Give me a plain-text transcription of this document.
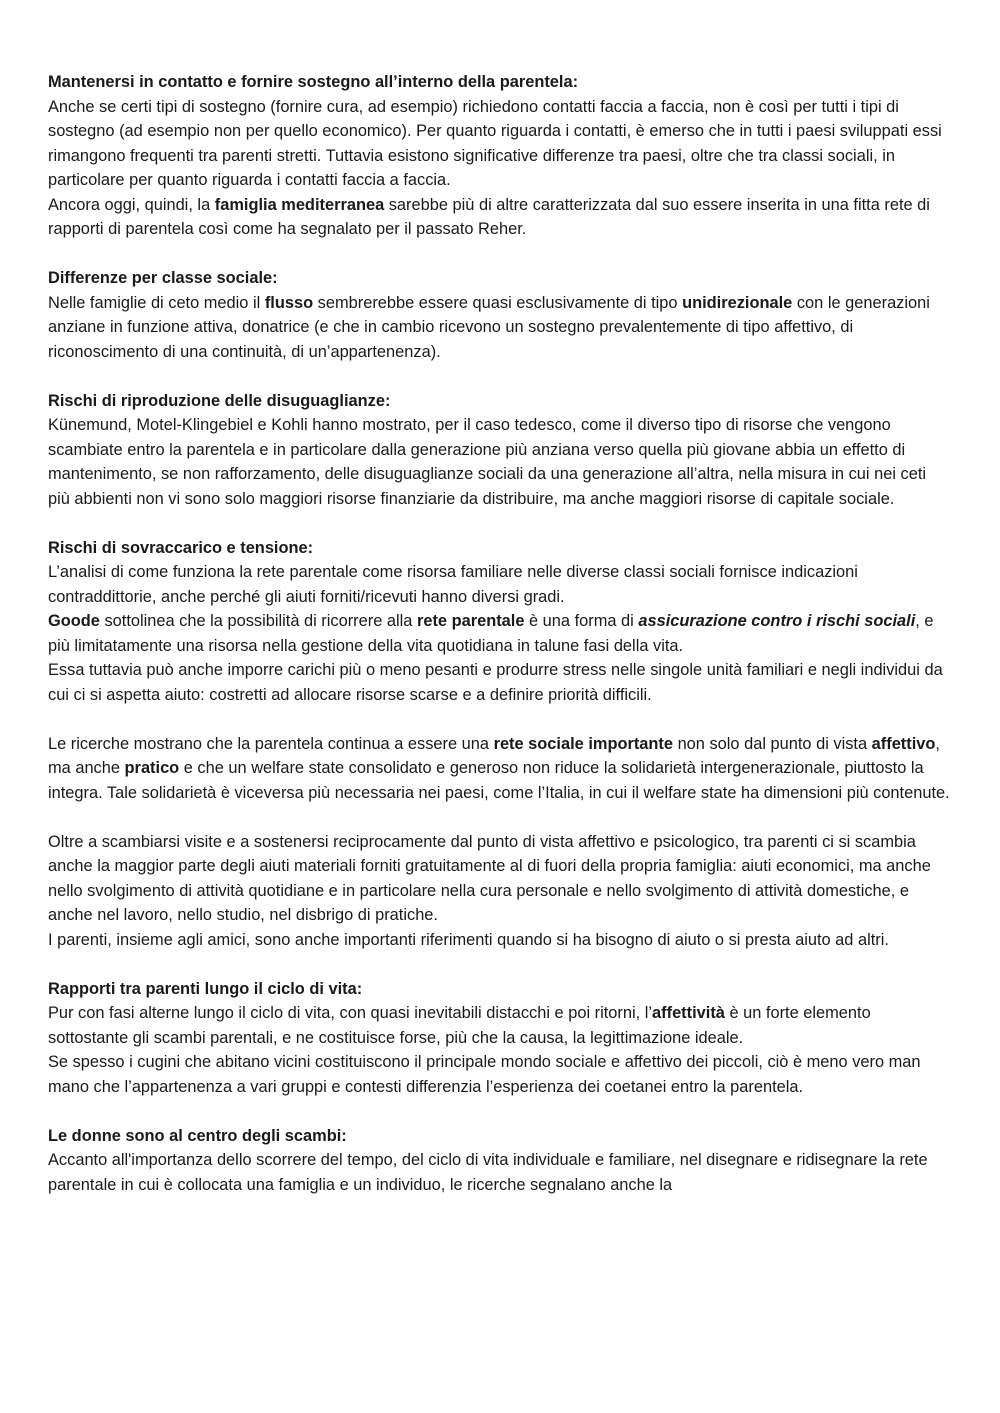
Mantenersi in contatto e fornire sostegno all’interno della parentela:

Anche se certi tipi di sostegno (fornire cura, ad esempio) richiedono contatti faccia a faccia, non è così per tutti i tipi di sostegno (ad esempio non per quello economico). Per quanto riguarda i contatti, è emerso che in tutti i paesi sviluppati essi rimangono frequenti tra parenti stretti. Tuttavia esistono significative differenze tra paesi, oltre che tra classi sociali, in particolare per quanto riguarda i contatti faccia a faccia.

Ancora oggi, quindi, la famiglia mediterranea sarebbe più di altre caratterizzata dal suo essere inserita in una fitta rete di rapporti di parentela così come ha segnalato per il passato Reher.

Differenze per classe sociale:

Nelle famiglie di ceto medio il flusso sembrerebbe essere quasi esclusivamente di tipo unidirezionale con le generazioni anziane in funzione attiva, donatrice (e che in cambio ricevono un sostegno prevalentemente di tipo affettivo, di riconoscimento di una continuità, di un’appartenenza).

Rischi di riproduzione delle disuguaglianze:

Künemund, Motel-Klingebiel e Kohli hanno mostrato, per il caso tedesco, come il diverso tipo di risorse che vengono scambiate entro la parentela e in particolare dalla generazione più anziana verso quella più giovane abbia un effetto di mantenimento, se non rafforzamento, delle disuguaglianze sociali da una generazione all’altra, nella misura in cui nei ceti più abbienti non vi sono solo maggiori risorse finanziarie da distribuire, ma anche maggiori risorse di capitale sociale.

Rischi di sovraccarico e tensione:

L’analisi di come funziona la rete parentale come risorsa familiare nelle diverse classi sociali fornisce indicazioni contraddittorie, anche perché gli aiuti forniti/ricevuti hanno diversi gradi.

Goode sottolinea che la possibilità di ricorrere alla rete parentale è una forma di assicurazione contro i rischi sociali, e più limitatamente una risorsa nella gestione della vita quotidiana in talune fasi della vita.

Essa tuttavia può anche imporre carichi più o meno pesanti e produrre stress nelle singole unità familiari e negli individui da cui ci si aspetta aiuto: costretti ad allocare risorse scarse e a definire priorità difficili.

Le ricerche mostrano che la parentela continua a essere una rete sociale importante non solo dal punto di vista affettivo, ma anche pratico e che un welfare state consolidato e generoso non riduce la solidarietà intergenerazionale, piuttosto la integra. Tale solidarietà è viceversa più necessaria nei paesi, come l’Italia, in cui il welfare state ha dimensioni più contenute.

Oltre a scambiarsi visite e a sostenersi reciprocamente dal punto di vista affettivo e psicologico, tra parenti ci si scambia anche la maggior parte degli aiuti materiali forniti gratuitamente al di fuori della propria famiglia: aiuti economici, ma anche nello svolgimento di attività quotidiane e in particolare nella cura personale e nello svolgimento di attività domestiche, e anche nel lavoro, nello studio, nel disbrigo di pratiche.

I parenti, insieme agli amici, sono anche importanti riferimenti quando si ha bisogno di aiuto o si presta aiuto ad altri.

Rapporti tra parenti lungo il ciclo di vita:

Pur con fasi alterne lungo il ciclo di vita, con quasi inevitabili distacchi e poi ritorni, l’affettività è un forte elemento sottostante gli scambi parentali, e ne costituisce forse, più che la causa, la legittimazione ideale.

Se spesso i cugini che abitano vicini costituiscono il principale mondo sociale e affettivo dei piccoli, ciò è meno vero man mano che l’appartenenza a vari gruppi e contesti differenzia l’esperienza dei coetanei entro la parentela.

Le donne sono al centro degli scambi:

Accanto all'importanza dello scorrere del tempo, del ciclo di vita individuale e familiare, nel disegnare e ridisegnare la rete parentale in cui è collocata una famiglia e un individuo, le ricerche segnalano anche la
